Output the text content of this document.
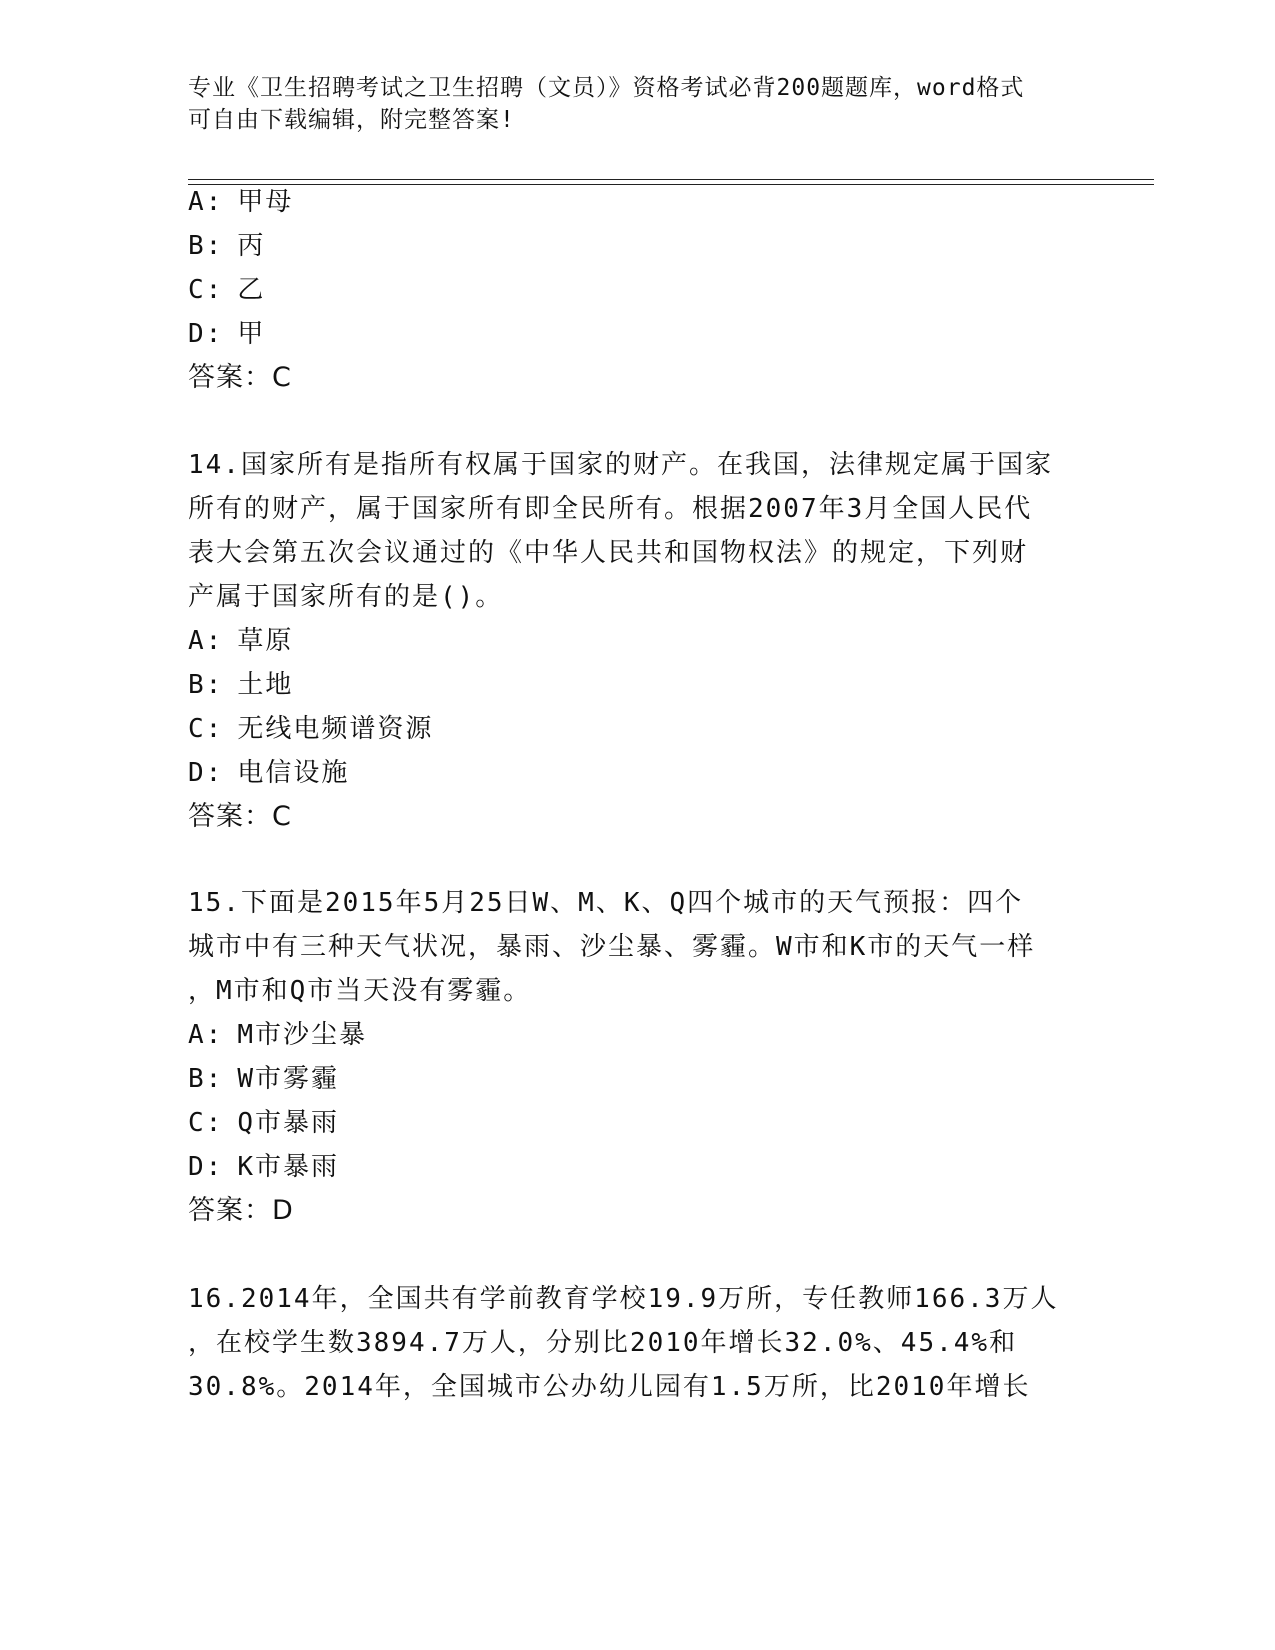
专业《卫生招聘考试之卫生招聘（文员）》资格考试必背200题题库，word格式
可自由下载编辑，附完整答案!
A: 甲母
B: 丙
C: 乙
D: 甲
答案：C
14.国家所有是指所有权属于国家的财产。在我国，法律规定属于国家
所有的财产，属于国家所有即全民所有。根据2007年3月全国人民代
表大会第五次会议通过的《中华人民共和国物权法》的规定，下列财
产属于国家所有的是()。
A: 草原
B: 土地
C: 无线电频谱资源
D: 电信设施
答案：C
15.下面是2015年5月25日W、M、K、Q四个城市的天气预报：四个
城市中有三种天气状况，暴雨、沙尘暴、雾霾。W市和K市的天气一样
，M市和Q市当天没有雾霾。
A: M市沙尘暴
B: W市雾霾
C: Q市暴雨
D: K市暴雨
答案：D
16.2014年，全国共有学前教育学校19.9万所，专任教师166.3万人
，在校学生数3894.7万人，分别比2010年增长32.0%、45.4%和
30.8%。2014年，全国城市公办幼儿园有1.5万所，比2010年增长
